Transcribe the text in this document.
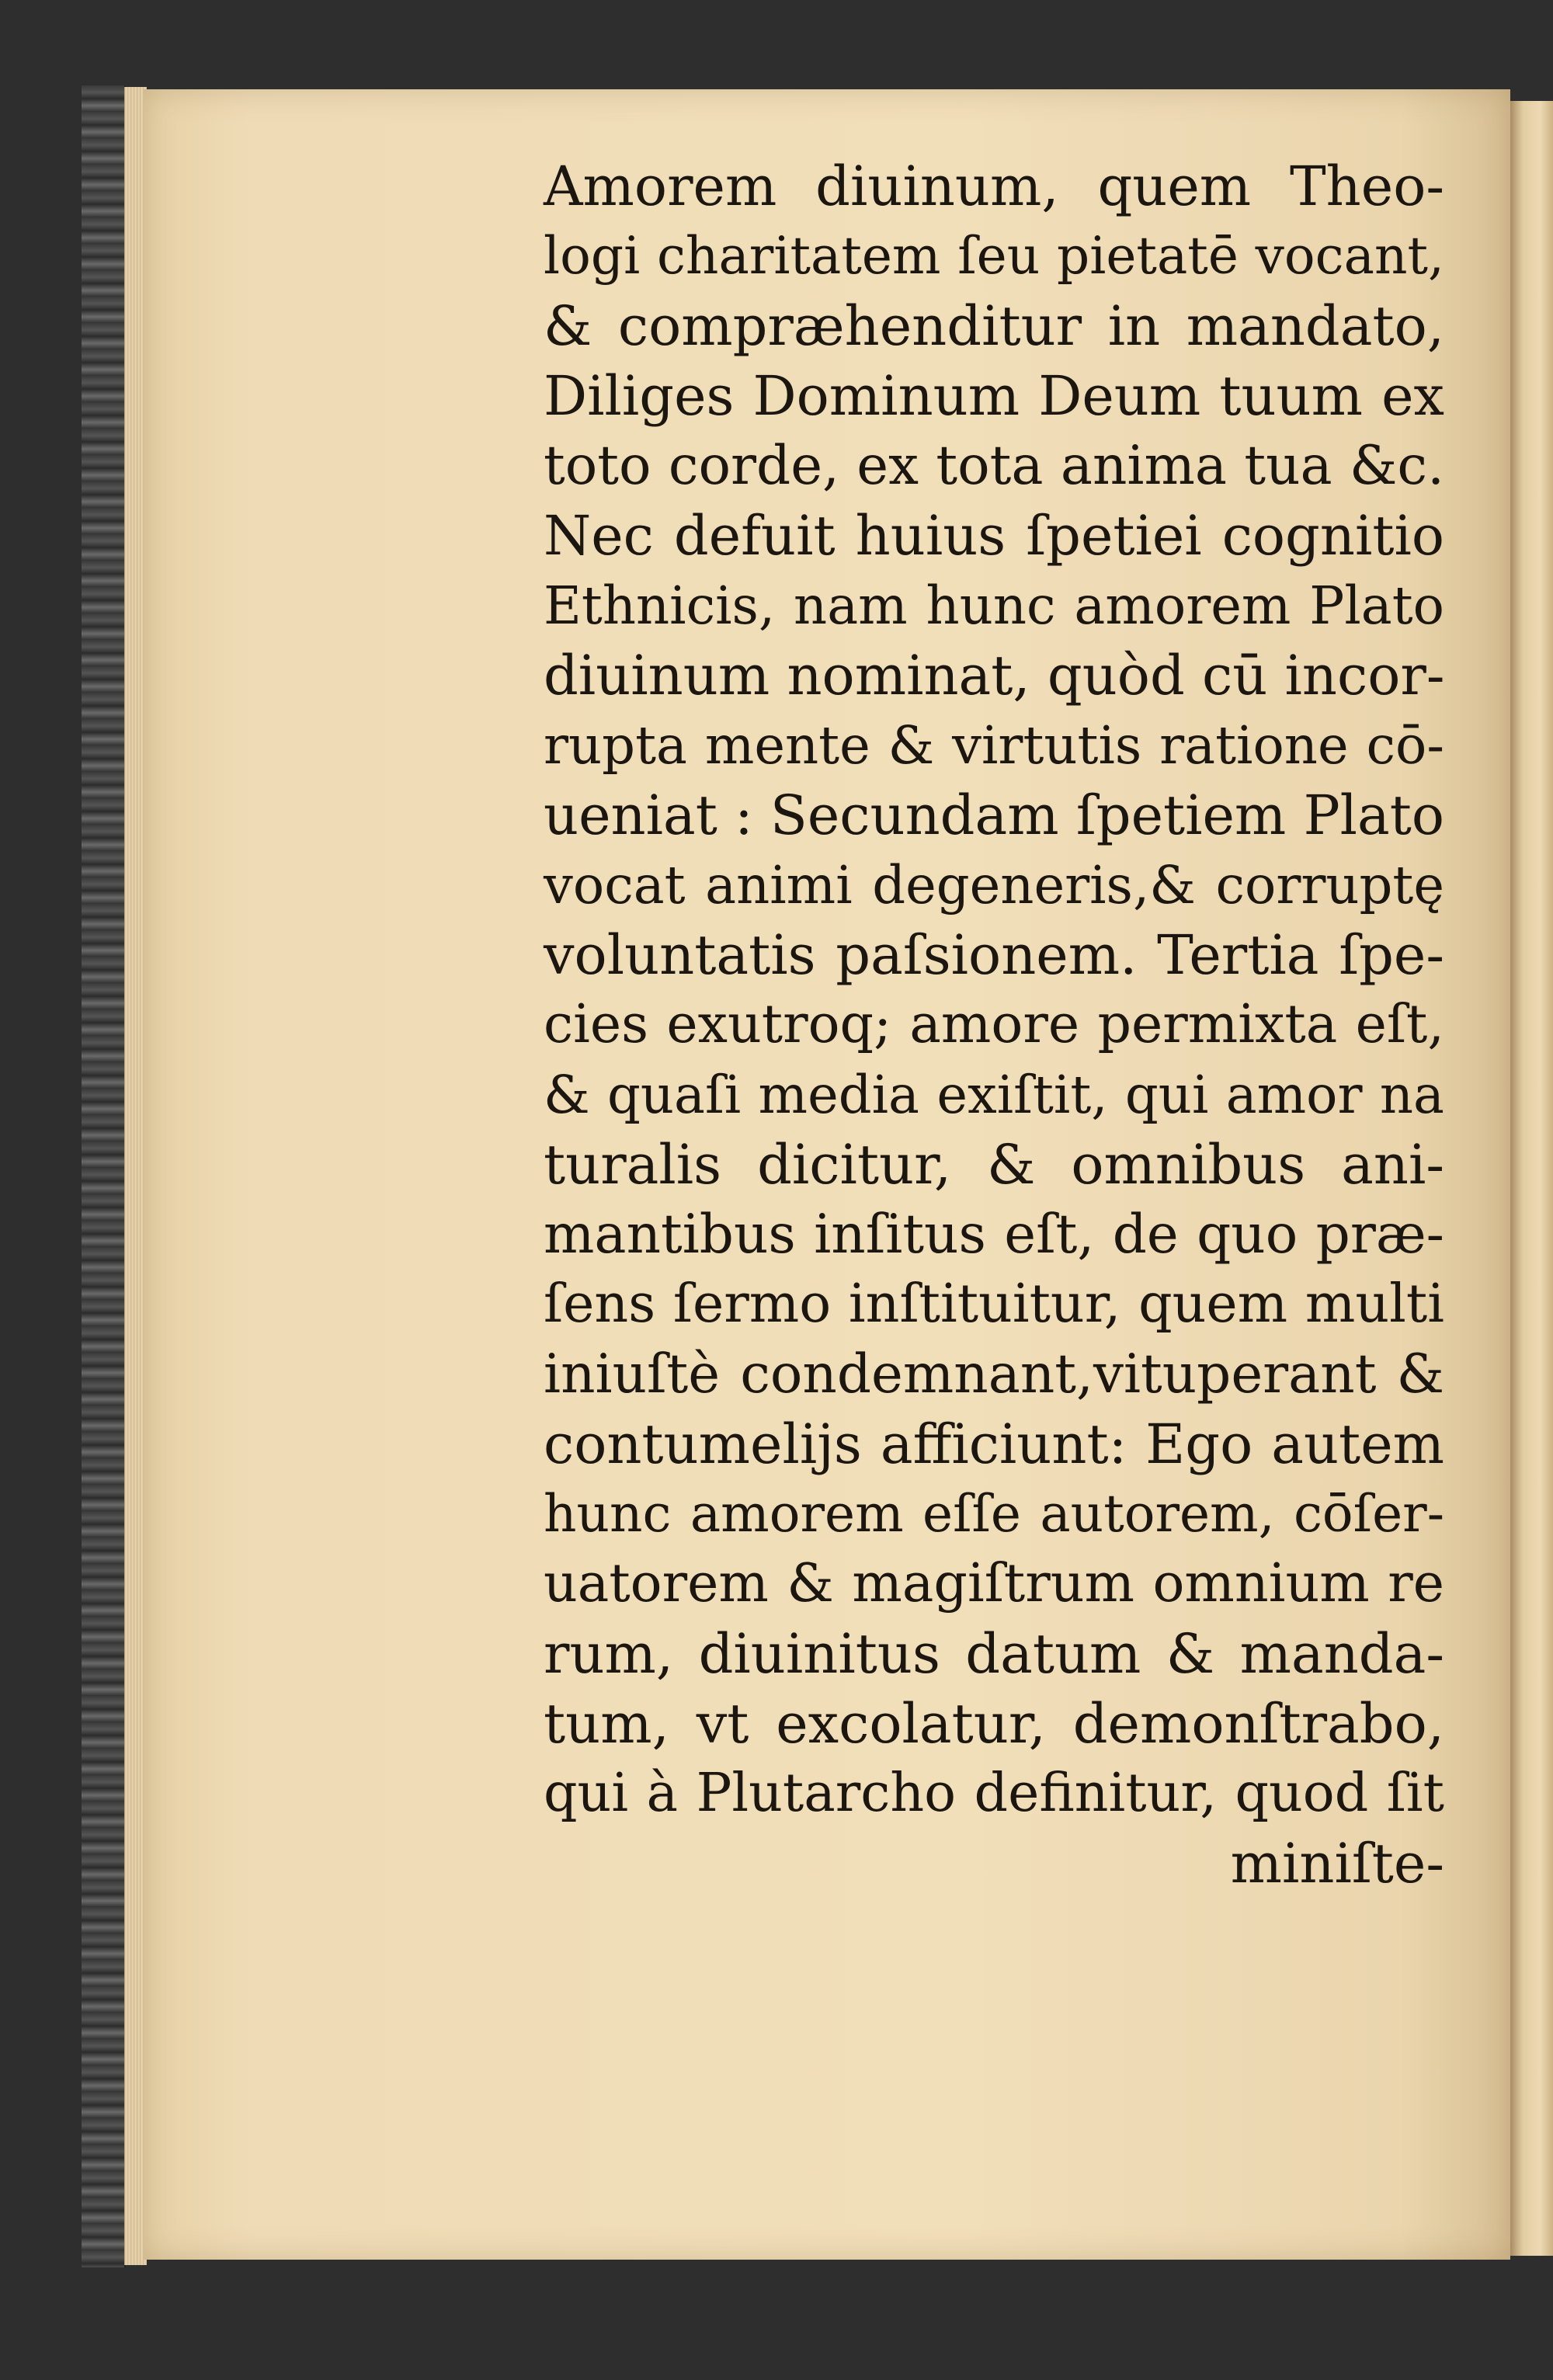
Amorem diuinum, quem Theo-
logi charitatem ſeu pietatē vocant,
& compræhenditur in mandato,
Diliges Dominum Deum tuum ex
toto corde, ex tota anima tua &c.
Nec defuit huius ſpetiei cognitio
Ethnicis, nam hunc amorem Plato
diuinum nominat, quòd cū incor-
rupta mente & virtutis ratione cō-
ueniat : Secundam ſpetiem Plato
vocat animi degeneris,& corruptę
voluntatis paſsionem. Tertia ſpe-
cies exutroq; amore permixta eſt,
& quaſi media exiſtit, qui amor na
turalis dicitur, & omnibus ani-
mantibus inſitus eſt, de quo præ-
ſens ſermo inſtituitur, quem multi
iniuſtè condemnant,vituperant &
contumelijs afficiunt: Ego autem
hunc amorem eſſe autorem, cōſer-
uatorem & magiſtrum omnium re
rum, diuinitus datum & manda-
tum, vt excolatur, demonſtrabo,
qui à Plutarcho definitur, quod ſit
miniſte-
